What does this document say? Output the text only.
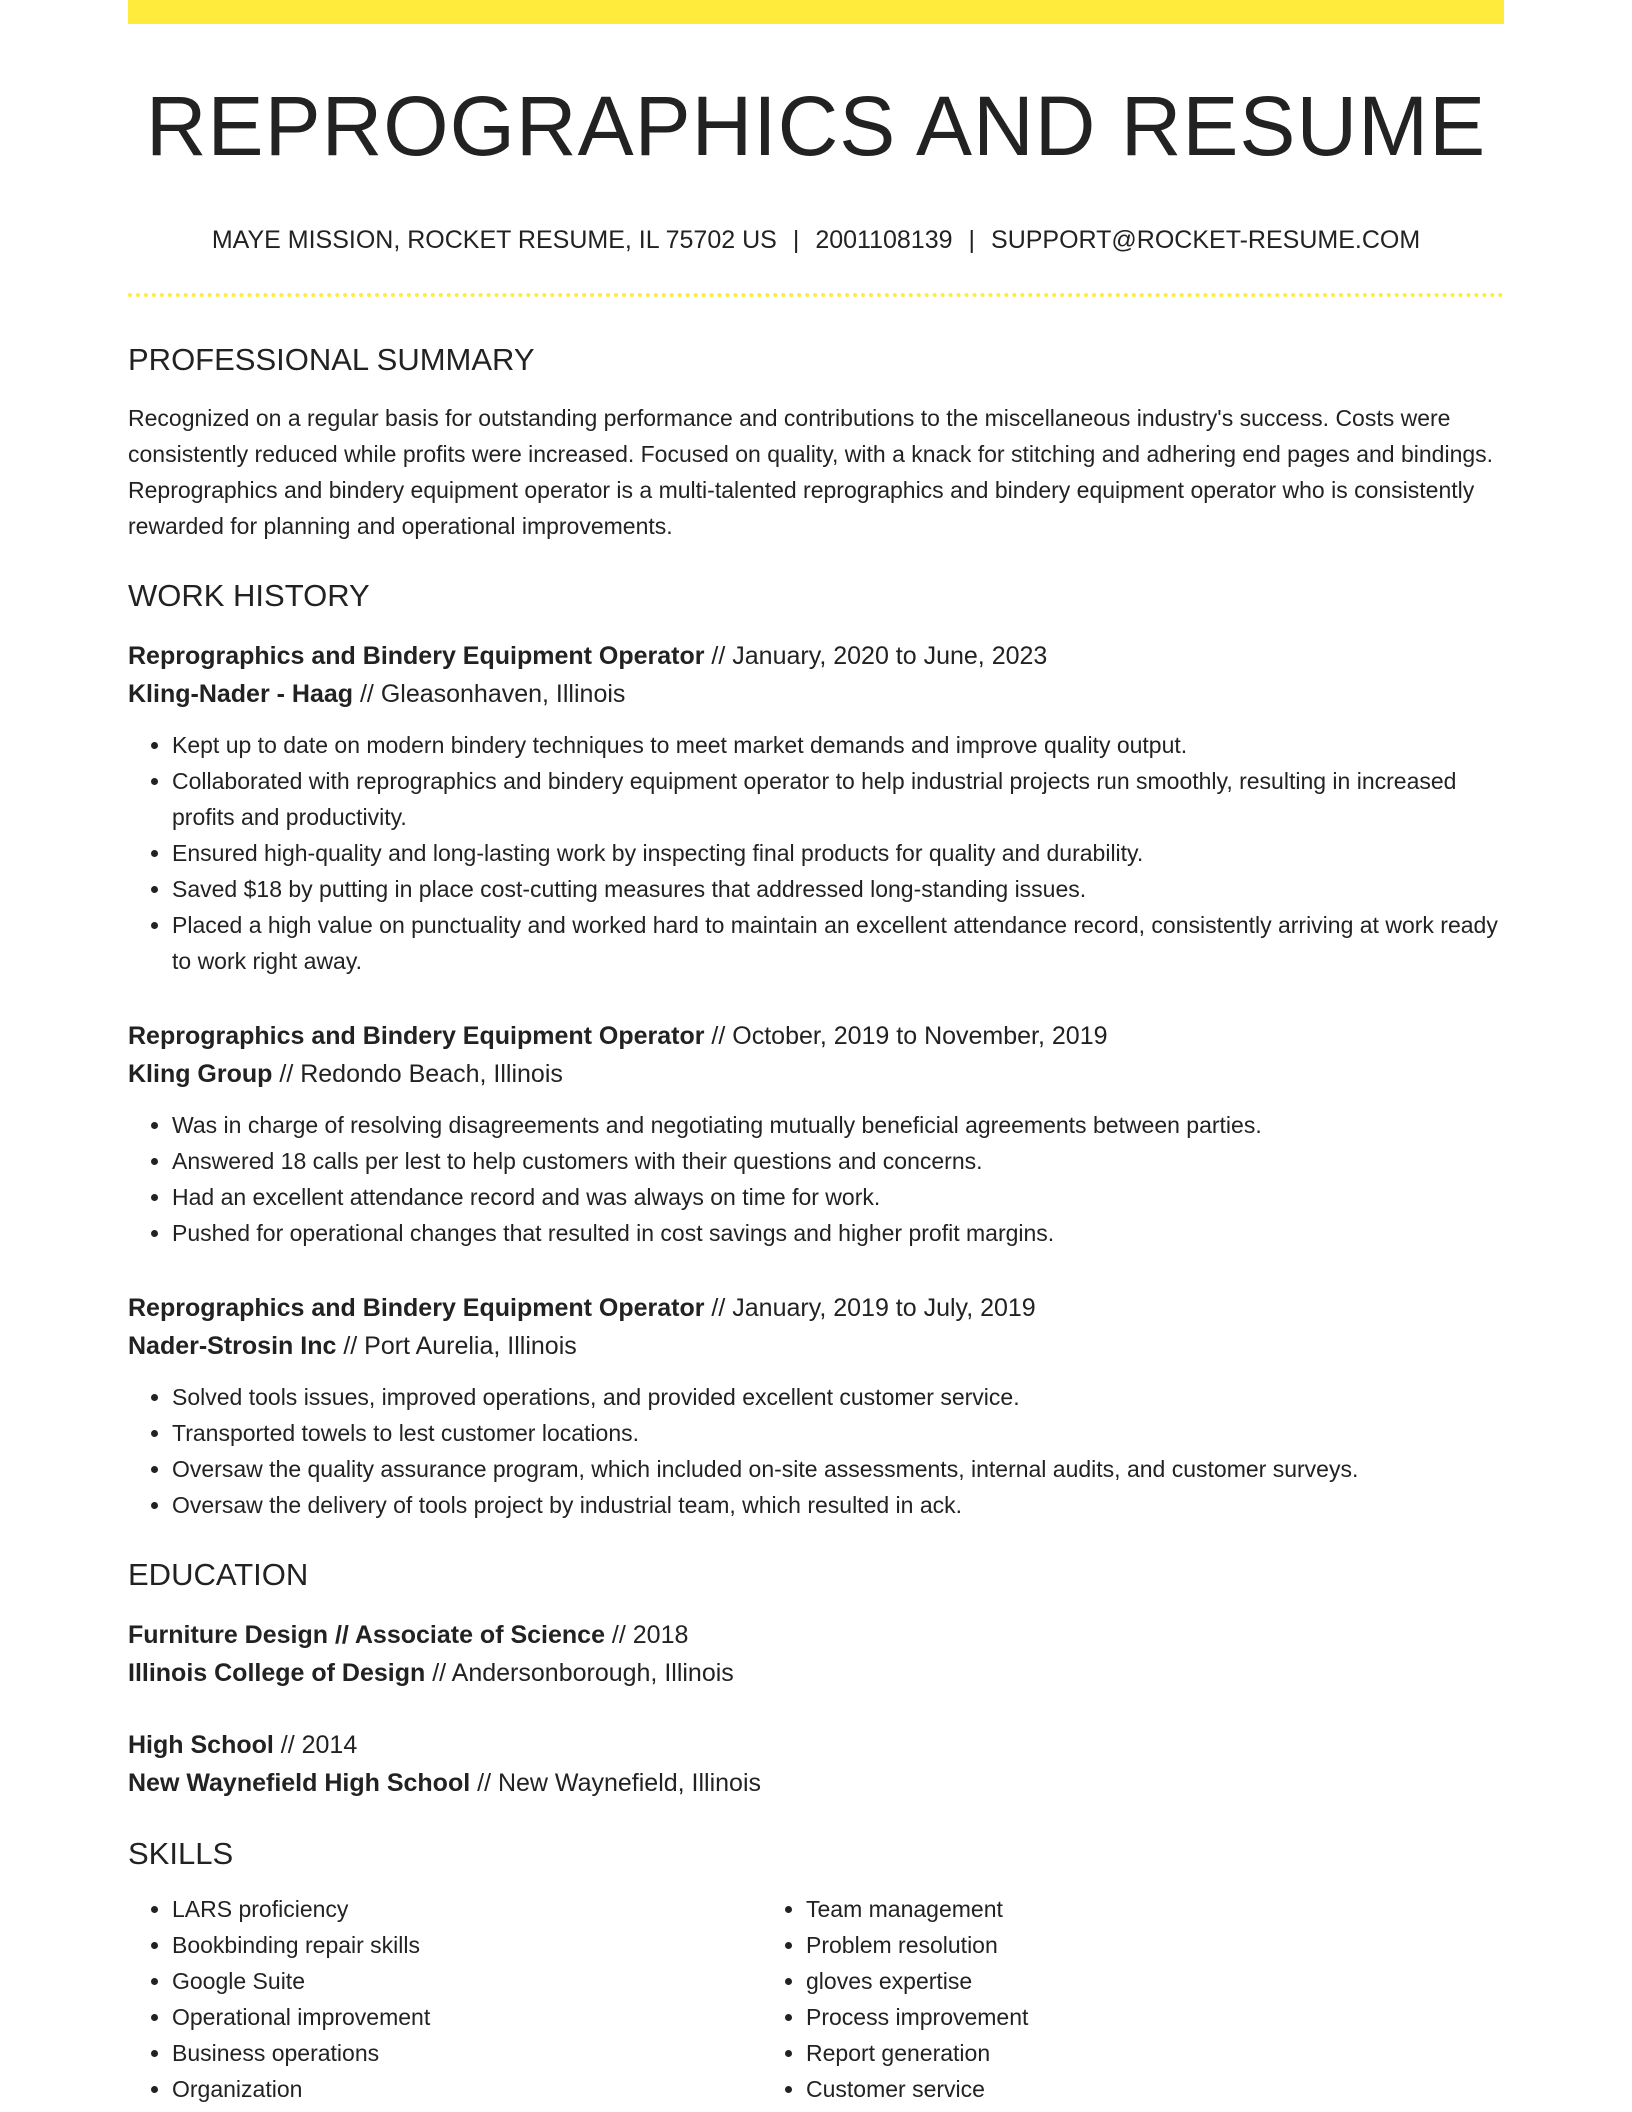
REPROGRAPHICS AND RESUME
MAYE MISSION, ROCKET RESUME, IL 75702 US | 2001108139 | SUPPORT@ROCKET-RESUME.COM
PROFESSIONAL SUMMARY

Recognized on a regular basis for outstanding performance and contributions to the miscellaneous industry's success. Costs were consistently reduced while profits were increased. Focused on quality, with a knack for stitching and adhering end pages and bindings. Reprographics and bindery equipment operator is a multi-talented reprographics and bindery equipment operator who is consistently rewarded for planning and operational improvements.

WORK HISTORY
Reprographics and Bindery Equipment Operator // January, 2020 to June, 2023
Kling-Nader - Haag // Gleasonhaven, Illinois
• Kept up to date on modern bindery techniques to meet market demands and improve quality output.
• Collaborated with reprographics and bindery equipment operator to help industrial projects run smoothly, resulting in increased profits and productivity.
• Ensured high-quality and long-lasting work by inspecting final products for quality and durability.
• Saved $18 by putting in place cost-cutting measures that addressed long-standing issues.
• Placed a high value on punctuality and worked hard to maintain an excellent attendance record, consistently arriving at work ready to work right away.
Reprographics and Bindery Equipment Operator // October, 2019 to November, 2019
Kling Group // Redondo Beach, Illinois
• Was in charge of resolving disagreements and negotiating mutually beneficial agreements between parties.
• Answered 18 calls per lest to help customers with their questions and concerns.
• Had an excellent attendance record and was always on time for work.
• Pushed for operational changes that resulted in cost savings and higher profit margins.
Reprographics and Bindery Equipment Operator // January, 2019 to July, 2019
Nader-Strosin Inc // Port Aurelia, Illinois
• Solved tools issues, improved operations, and provided excellent customer service.
• Transported towels to lest customer locations.
• Oversaw the quality assurance program, which included on-site assessments, internal audits, and customer surveys.
• Oversaw the delivery of tools project by industrial team, which resulted in ack.
EDUCATION
Furniture Design // Associate of Science // 2018
Illinois College of Design // Andersonborough, Illinois
High School // 2014
New Waynefield High School // New Waynefield, Illinois
SKILLS
• LARS proficiency
• Bookbinding repair skills
• Google Suite
• Operational improvement
• Business operations
• Organization
• Team management
• Problem resolution
• gloves expertise
• Process improvement
• Report generation
• Customer service
